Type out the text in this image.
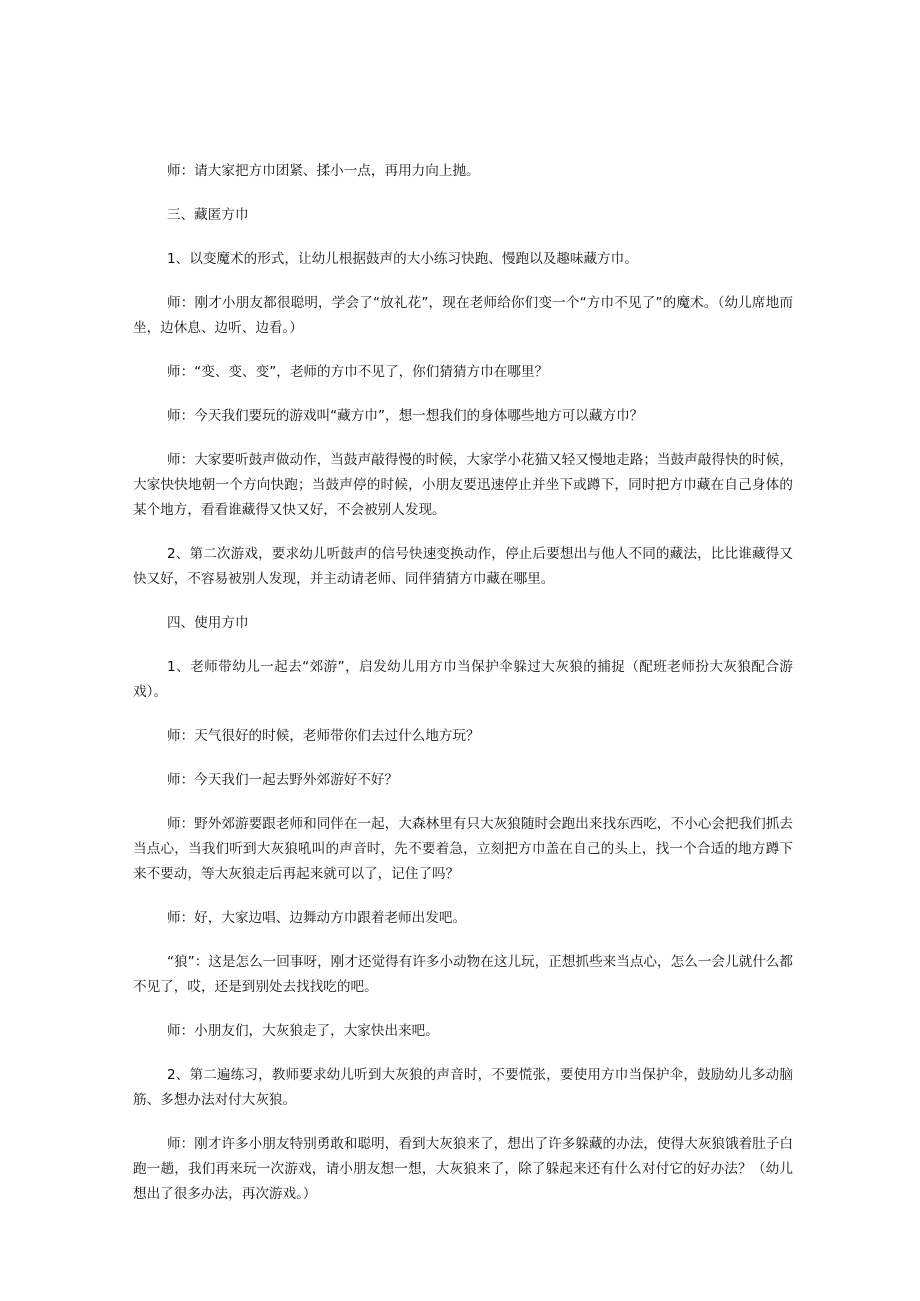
师：请大家把方巾团紧、揉小一点，再用力向上抛。

三、藏匿方巾

1、以变魔术的形式，让幼儿根据鼓声的大小练习快跑、慢跑以及趣味藏方巾。

师：刚才小朋友都很聪明，学会了“放礼花”，现在老师给你们变一个“方巾不见了”的魔术。（幼儿席地而坐，边休息、边听、边看。）

师：“变、变、变”，老师的方巾不见了，你们猜猜方巾在哪里？

师：今天我们要玩的游戏叫“藏方巾”，想一想我们的身体哪些地方可以藏方巾？

师：大家要听鼓声做动作，当鼓声敲得慢的时候，大家学小花猫又轻又慢地走路；当鼓声敲得快的时候，大家快快地朝一个方向快跑；当鼓声停的时候，小朋友要迅速停止并坐下或蹲下，同时把方巾藏在自己身体的某个地方，看看谁藏得又快又好，不会被别人发现。

2、第二次游戏，要求幼儿听鼓声的信号快速变换动作，停止后要想出与他人不同的藏法，比比谁藏得又快又好，不容易被别人发现，并主动请老师、同伴猜猜方巾藏在哪里。

四、使用方巾

1、老师带幼儿一起去“郊游”，启发幼儿用方巾当保护伞躲过大灰狼的捕捉（配班老师扮大灰狼配合游戏）。

师：天气很好的时候，老师带你们去过什么地方玩？

师：今天我们一起去野外郊游好不好？

师：野外郊游要跟老师和同伴在一起，大森林里有只大灰狼随时会跑出来找东西吃，不小心会把我们抓去当点心，当我们听到大灰狼吼叫的声音时，先不要着急，立刻把方巾盖在自己的头上，找一个合适的地方蹲下来不要动，等大灰狼走后再起来就可以了，记住了吗？

师：好，大家边唱、边舞动方巾跟着老师出发吧。

“狼”：这是怎么一回事呀，刚才还觉得有许多小动物在这儿玩，正想抓些来当点心，怎么一会儿就什么都不见了，哎，还是到别处去找找吃的吧。

师：小朋友们，大灰狼走了，大家快出来吧。

2、第二遍练习，教师要求幼儿听到大灰狼的声音时，不要慌张，要使用方巾当保护伞，鼓励幼儿多动脑筋、多想办法对付大灰狼。

师：刚才许多小朋友特别勇敢和聪明，看到大灰狼来了，想出了许多躲藏的办法，使得大灰狼饿着肚子白跑一趟，我们再来玩一次游戏，请小朋友想一想，大灰狼来了，除了躲起来还有什么对付它的好办法？（幼儿想出了很多办法，再次游戏。）
